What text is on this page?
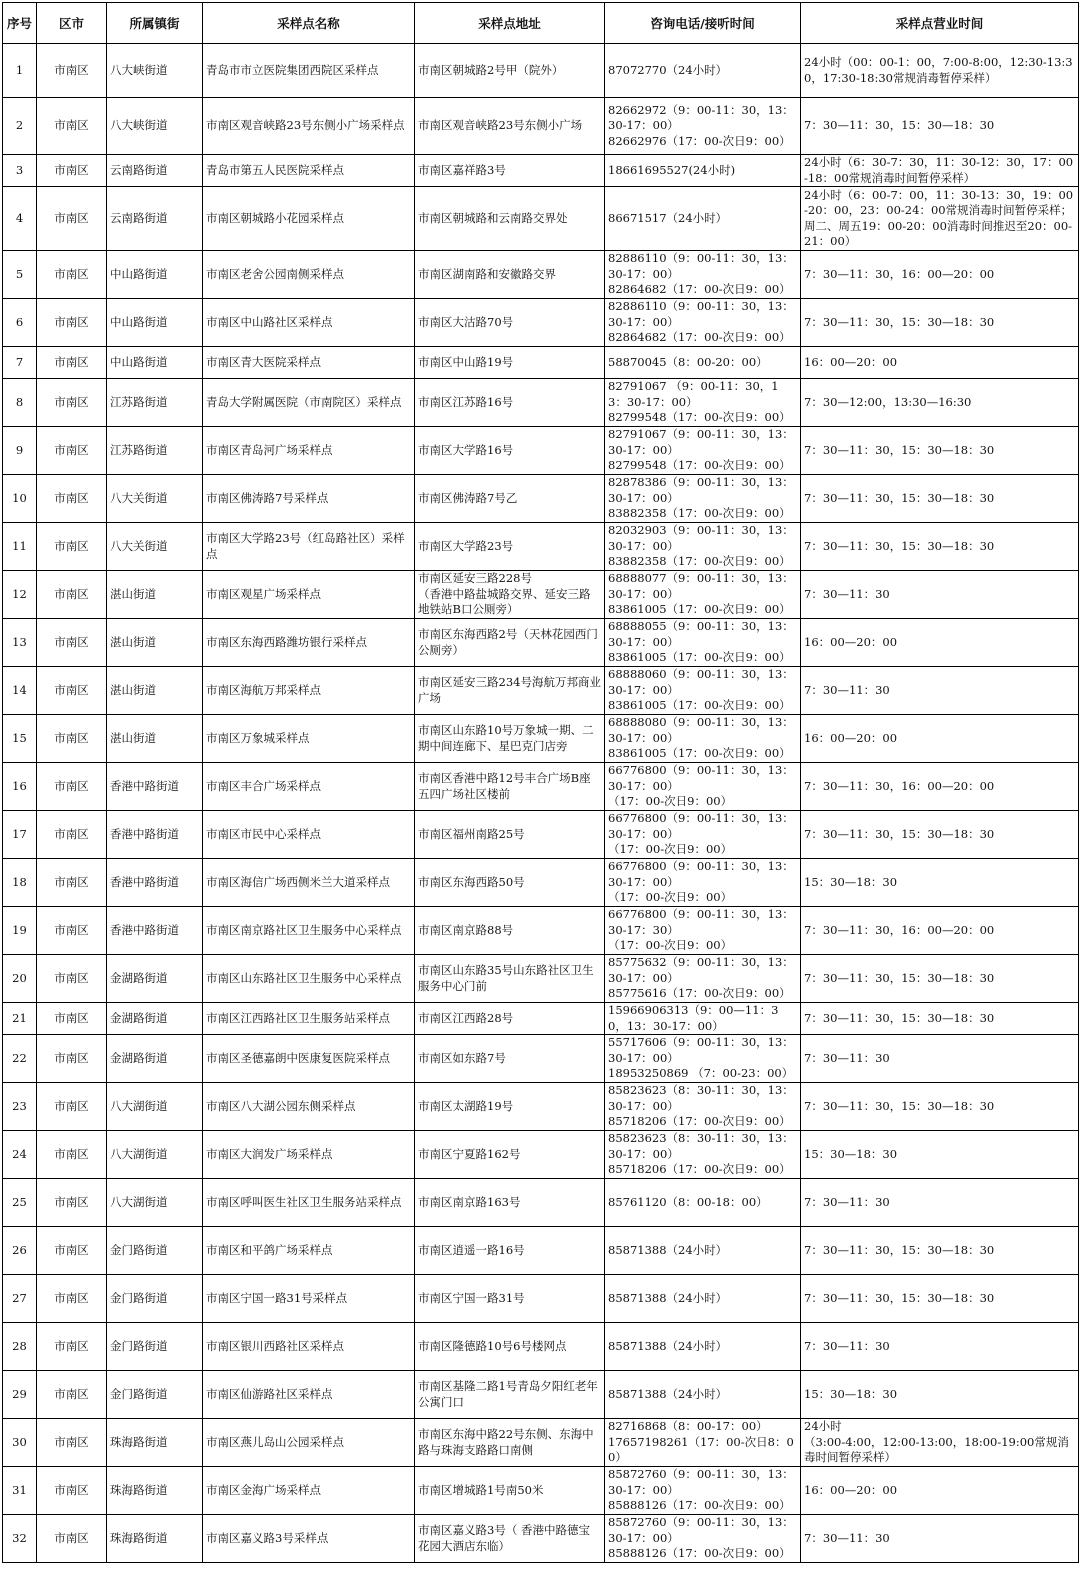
序号	区市	所属镇街	采样点名称	采样点地址	咨询电话/接听时间	采样点营业时间
1	市南区	八大峡街道	青岛市市立医院集团西院区采样点	市南区朝城路2号甲（院外）	87072770（24小时）	24小时（00：00-1：00，7:00-8:00，12:30-13:30，17:30-18:30常规消毒暂停采样）
2	市南区	八大峡街道	市南区观音峡路23号东侧小广场采样点	市南区观音峡路23号东侧小广场	82662972（9：00-11：30，13：30-17：00）
82662976（17：00-次日9：00）	7：30—11：30，15：30—18：30
3	市南区	云南路街道	青岛市第五人民医院采样点	市南区嘉祥路3号	18661695527(24小时)	24小时（6：30-7：30，11：30-12：30，17：00-18：00常规消毒时间暂停采样）
4	市南区	云南路街道	市南区朝城路小花园采样点	市南区朝城路和云南路交界处	86671517（24小时）	24小时（6：00-7：00，11：30-13：30，19：00-20：00，23：00-24：00常规消毒时间暂停采样；周二、周五19：00-20：00消毒时间推迟至20：00-21：00）
5	市南区	中山路街道	市南区老舍公园南侧采样点	市南区湖南路和安徽路交界	82886110（9：00-11：30，13：30-17：00）
82864682（17：00-次日9：00）	7：30—11：30，16：00—20：00
6	市南区	中山路街道	市南区中山路社区采样点	市南区大沽路70号	82886110（9：00-11：30，13：30-17：00）
82864682（17：00-次日9：00）	7：30—11：30，15：30—18：30
7	市南区	中山路街道	市南区青大医院采样点	市南区中山路19号	58870045（8：00-20：00）	16：00—20：00
8	市南区	江苏路街道	青岛大学附属医院（市南院区）采样点	市南区江苏路16号	82791067 （9：00-11：30，13：30-17：00）
82799548（17：00-次日9：00）	7：30—12:00，13:30—16:30
9	市南区	江苏路街道	市南区青岛河广场采样点	市南区大学路16号	82791067（9：00-11：30，13：30-17：00）
82799548（17：00-次日9：00）	7：30—11：30，15：30—18：30
10	市南区	八大关街道	市南区佛涛路7号采样点	市南区佛涛路7号乙	82878386（9：00-11：30，13：30-17：00）
83882358（17：00-次日9：00）	7：30—11：30，15：30—18：30
11	市南区	八大关街道	市南区大学路23号（红岛路社区）采样点	市南区大学路23号	82032903（9：00-11：30，13：30-17：00）
83882358（17：00-次日9：00）	7：30—11：30，15：30—18：30
12	市南区	湛山街道	市南区观星广场采样点	市南区延安三路228号
（香港中路盐城路交界、延安三路地铁站B口公厕旁）	68888077（9：00-11：30，13：30-17：00）
83861005（17：00-次日9：00）	7：30—11：30
13	市南区	湛山街道	市南区东海西路潍坊银行采样点	市南区东海西路2号（天林花园西门公厕旁）	68888055（9：00-11：30，13：30-17：00）
83861005（17：00-次日9：00）	16：00—20：00
14	市南区	湛山街道	市南区海航万邦采样点	市南区延安三路234号海航万邦商业广场	68888060（9：00-11：30，13：30-17：00）
83861005（17：00-次日9：00）	7：30—11：30
15	市南区	湛山街道	市南区万象城采样点	市南区山东路10号万象城一期、二期中间连廊下、星巴克门店旁	68888080（9：00-11：30，13：30-17：00）
83861005（17：00-次日9：00）	16：00—20：00
16	市南区	香港中路街道	市南区丰合广场采样点	市南区香港中路12号丰合广场B座五四广场社区楼前	66776800（9：00-11：30，13：30-17：00）
（17：00-次日9：00）	7：30—11：30，16：00—20：00
17	市南区	香港中路街道	市南区市民中心采样点	市南区福州南路25号	66776800（9：00-11：30，13：30-17：00）
（17：00-次日9：00）	7：30—11：30，15：30—18：30
18	市南区	香港中路街道	市南区海信广场西侧米兰大道采样点	市南区东海西路50号	66776800（9：00-11：30，13：30-17：00）
（17：00-次日9：00）	15：30—18：30
19	市南区	香港中路街道	市南区南京路社区卫生服务中心采样点	市南区南京路88号	66776800（9：00-11：30，13：30-17：30）
（17：00-次日9：00）	7：30—11：30，16：00—20：00
20	市南区	金湖路街道	市南区山东路社区卫生服务中心采样点	市南区山东路35号山东路社区卫生服务中心门前	85775632（9：00-11：30，13：30-17：00）
85775616（17：00-次日9：00）	7：30—11：30，15：30—18：30
21	市南区	金湖路街道	市南区江西路社区卫生服务站采样点	市南区江西路28号	15966906313（9：00—11：30，13：30-17：00）	7：30—11：30，15：30—18：30
22	市南区	金湖路街道	市南区圣德嘉朗中医康复医院采样点	市南区如东路7号	55717606（9：00-11：30，13：30-17：00）
18953250869 （7：00-23：00）	7：30—11：30
23	市南区	八大湖街道	市南区八大湖公园东侧采样点	市南区太湖路19号	85823623（8：30-11：30，13：30-17：00）
85718206（17：00-次日9：00）	7：30—11：30，15：30—18：30
24	市南区	八大湖街道	市南区大润发广场采样点	市南区宁夏路162号	85823623（8：30-11：30，13：30-17：00）
85718206（17：00-次日9：00）	15：30—18：30
25	市南区	八大湖街道	市南区呼叫医生社区卫生服务站采样点	市南区南京路163号	85761120（8：00-18：00）	7：30—11：30
26	市南区	金门路街道	市南区和平鸽广场采样点	市南区逍遥一路16号	85871388（24小时）	7：30—11：30，15：30—18：30
27	市南区	金门路街道	市南区宁国一路31号采样点	市南区宁国一路31号	85871388（24小时）	7：30—11：30，15：30—18：30
28	市南区	金门路街道	市南区银川西路社区采样点	市南区隆德路10号6号楼网点	85871388（24小时）	7：30—11：30
29	市南区	金门路街道	市南区仙游路社区采样点	市南区基隆二路1号青岛夕阳红老年公寓门口	85871388（24小时）	15：30—18：30
30	市南区	珠海路街道	市南区燕儿岛山公园采样点	市南区东海中路22号东侧、东海中路与珠海支路路口南侧	82716868（8：00-17：00）
17657198261（17：00-次日8：00）	24小时
（3:00-4:00，12:00-13:00，18:00-19:00常规消毒时间暂停采样）
31	市南区	珠海路街道	市南区金海广场采样点	市南区增城路1号南50米	85872760（9：00-11：30，13：30-17：00）
85888126（17：00-次日9：00）	16：00—20：00
32	市南区	珠海路街道	市南区嘉义路3号采样点	市南区嘉义路3号（ 香港中路德宝花园大酒店东临）	85872760（9：00-11：30，13：30-17：00）
85888126（17：00-次日9：00）	7：30—11：30
